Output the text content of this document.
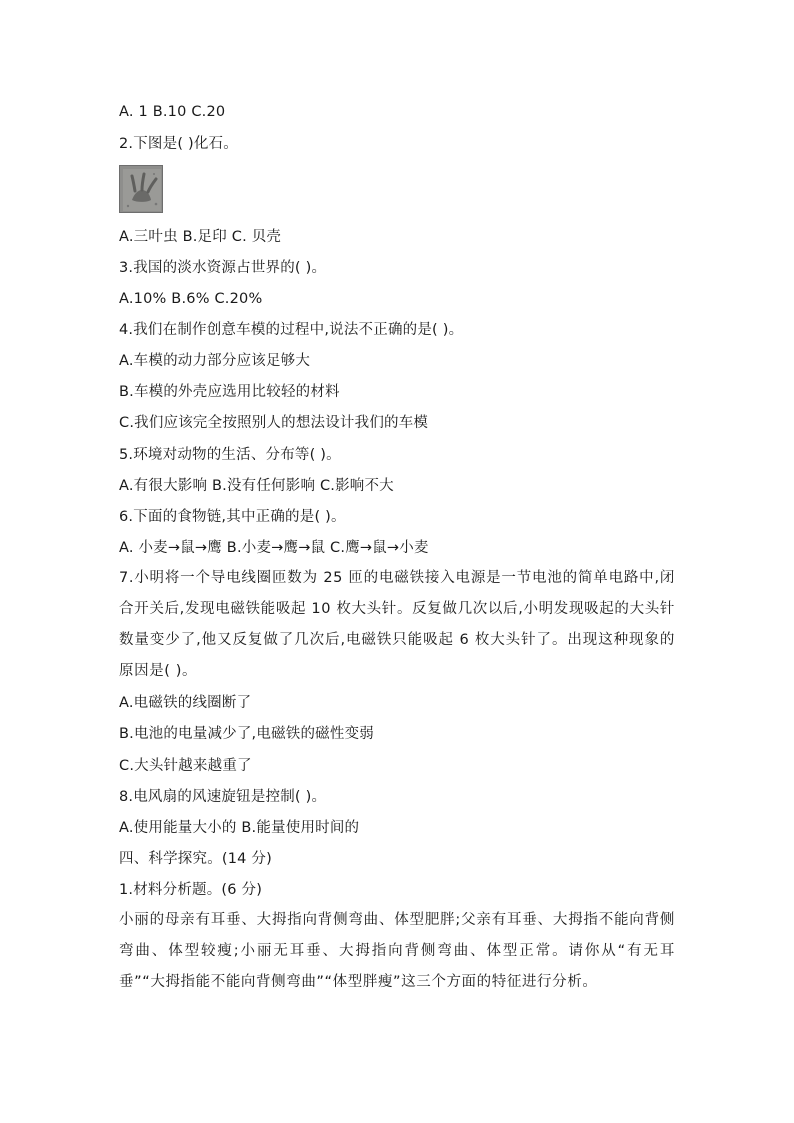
A. 1 B.10 C.20
2.下图是( )化石。
A.三叶虫 B.足印 C. 贝壳
3.我国的淡水资源占世界的( )。
A.10% B.6% C.20%
4.我们在制作创意车模的过程中,说法不正确的是( )。
A.车模的动力部分应该足够大
B.车模的外壳应选用比较轻的材料
C.我们应该完全按照别人的想法设计我们的车模
5.环境对动物的生活、分布等( )。
A.有很大影响 B.没有任何影响 C.影响不大
6.下面的食物链,其中正确的是( )。
A. 小麦→鼠→鹰 B.小麦→鹰→鼠 C.鹰→鼠→小麦
7.小明将一个导电线圈匝数为 25 匝的电磁铁接入电源是一节电池的简单电路中,闭合开关后,发现电磁铁能吸起 10 枚大头针。反复做几次以后,小明发现吸起的大头针数量变少了,他又反复做了几次后,电磁铁只能吸起 6 枚大头针了。出现这种现象的原因是( )。
A.电磁铁的线圈断了
B.电池的电量减少了,电磁铁的磁性变弱
C.大头针越来越重了
8.电风扇的风速旋钮是控制( )。
A.使用能量大小的 B.能量使用时间的
四、科学探究。(14 分)
1.材料分析题。(6 分)
小丽的母亲有耳垂、大拇指向背侧弯曲、体型肥胖;父亲有耳垂、大拇指不能向背侧弯曲、体型较瘦;小丽无耳垂、大拇指向背侧弯曲、体型正常。请你从“有无耳垂”“大拇指能不能向背侧弯曲”“体型胖瘦”这三个方面的特征进行分析。
